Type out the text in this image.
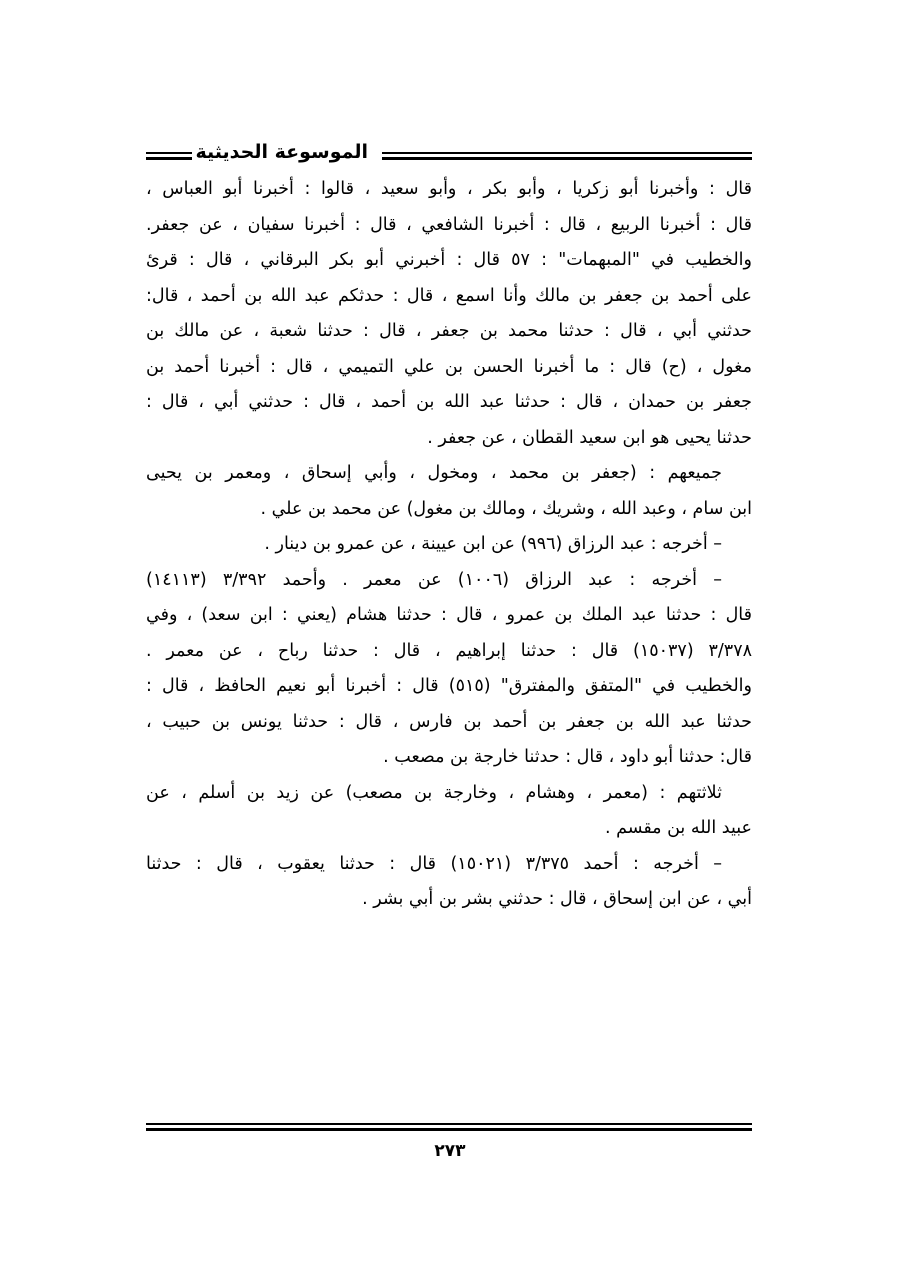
الموسوعة الحديثية
قال : وأخبرنا أبو زكريا ، وأبو بكر ، وأبو سعيد ، قالوا : أخبرنا أبو العباس ،
قال : أخبرنا الربيع ، قال : أخبرنا الشافعي ، قال : أخبرنا سفيان ، عن جعفر.
والخطيب في "المبهمات" : ٥٧ قال : أخبرني أبو بكر البرقاني ، قال : قرئ
على أحمد بن جعفر بن مالك وأنا اسمع ، قال : حدثكم عبد الله بن أحمد ، قال:
حدثني أبي ، قال : حدثنا محمد بن جعفر ، قال : حدثنا شعبة ، عن مالك بن
مغول ، (ح) قال : ما أخبرنا الحسن بن علي التميمي ، قال : أخبرنا أحمد بن
جعفر بن حمدان ، قال : حدثنا عبد الله بن أحمد ، قال : حدثني أبي ، قال :
حدثنا يحيى هو ابن سعيد القطان ، عن جعفر .
جميعهم : (جعفر بن محمد ، ومخول ، وأبي إسحاق ، ومعمر بن يحيى
ابن سام ، وعبد الله ، وشريك ، ومالك بن مغول) عن محمد بن علي .
– أخرجه : عبد الرزاق (٩٩٦) عن ابن عيينة ، عن عمرو بن دينار .
– أخرجه : عبد الرزاق (١٠٠٦) عن معمر . وأحمد ٣/٣٩٢ (١٤١١٣)
قال : حدثنا عبد الملك بن عمرو ، قال : حدثنا هشام (يعني : ابن سعد) ، وفي
٣/٣٧٨ (١٥٠٣٧) قال : حدثنا إبراهيم ، قال : حدثنا رباح ، عن معمر .
والخطيب في "المتفق والمفترق" (٥١٥) قال : أخبرنا أبو نعيم الحافظ ، قال :
حدثنا عبد الله بن جعفر بن أحمد بن فارس ، قال : حدثنا يونس بن حبيب ،
قال: حدثنا أبو داود ، قال : حدثنا خارجة بن مصعب .
ثلاثتهم : (معمر ، وهشام ، وخارجة بن مصعب) عن زيد بن أسلم ، عن
عبيد الله بن مقسم .
– أخرجه : أحمد ٣/٣٧٥ (١٥٠٢١) قال : حدثنا يعقوب ، قال : حدثنا
أبي ، عن ابن إسحاق ، قال : حدثني بشر بن أبي بشر .
٢٧٣
